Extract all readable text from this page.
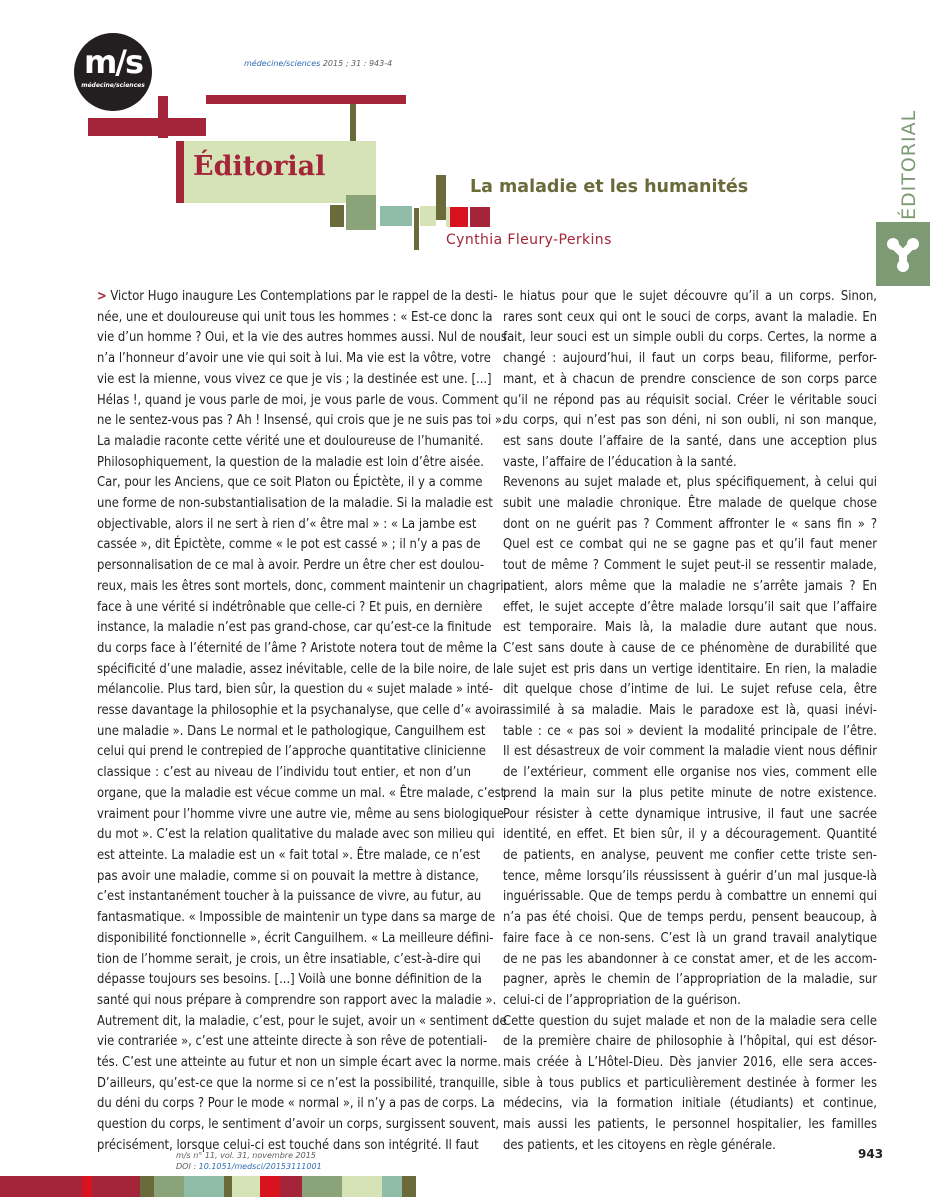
m/s
médecine/sciences
médecine/sciences 2015 ; 31 : 943-4
Éditorial
La maladie et les humanités
Cynthia Fleury-Perkins
ÉDITORIAL
> Victor Hugo inaugure Les Contemplations par le rappel de la desti-
née, une et douloureuse qui unit tous les hommes : « Est-ce donc la
vie d’un homme ? Oui, et la vie des autres hommes aussi. Nul de nous
n’a l’honneur d’avoir une vie qui soit à lui. Ma vie est la vôtre, votre
vie est la mienne, vous vivez ce que je vis ; la destinée est une. [...]
Hélas !, quand je vous parle de moi, je vous parle de vous. Comment
ne le sentez-vous pas ? Ah ! Insensé, qui crois que je ne suis pas toi ».
La maladie raconte cette vérité une et douloureuse de l’humanité.
Philosophiquement, la question de la maladie est loin d’être aisée.
Car, pour les Anciens, que ce soit Platon ou Épictète, il y a comme
une forme de non-substantialisation de la maladie. Si la maladie est
objectivable, alors il ne sert à rien d’« être mal » : « La jambe est
cassée », dit Épictète, comme « le pot est cassé » ; il n’y a pas de
personnalisation de ce mal à avoir. Perdre un être cher est doulou-
reux, mais les êtres sont mortels, donc, comment maintenir un chagrin
face à une vérité si indétrônable que celle-ci ? Et puis, en dernière
instance, la maladie n’est pas grand-chose, car qu’est-ce la finitude
du corps face à l’éternité de l’âme ? Aristote notera tout de même la
spécificité d’une maladie, assez inévitable, celle de la bile noire, de la
mélancolie. Plus tard, bien sûr, la question du « sujet malade » inté-
resse davantage la philosophie et la psychanalyse, que celle d’« avoir
une maladie ». Dans Le normal et le pathologique, Canguilhem est
celui qui prend le contrepied de l’approche quantitative clinicienne
classique : c’est au niveau de l’individu tout entier, et non d’un
organe, que la maladie est vécue comme un mal. « Être malade, c’est
vraiment pour l’homme vivre une autre vie, même au sens biologique
du mot ». C’est la relation qualitative du malade avec son milieu qui
est atteinte. La maladie est un « fait total ». Être malade, ce n’est
pas avoir une maladie, comme si on pouvait la mettre à distance,
c’est instantanément toucher à la puissance de vivre, au futur, au
fantasmatique. « Impossible de maintenir un type dans sa marge de
disponibilité fonctionnelle », écrit Canguilhem. « La meilleure défini-
tion de l’homme serait, je crois, un être insatiable, c’est-à-dire qui
dépasse toujours ses besoins. [...] Voilà une bonne définition de la
santé qui nous prépare à comprendre son rapport avec la maladie ».
Autrement dit, la maladie, c’est, pour le sujet, avoir un « sentiment de
vie contrariée », c’est une atteinte directe à son rêve de potentiali-
tés. C’est une atteinte au futur et non un simple écart avec la norme.
D’ailleurs, qu’est-ce que la norme si ce n’est la possibilité, tranquille,
du déni du corps ? Pour le mode « normal », il n’y a pas de corps. La
question du corps, le sentiment d’avoir un corps, surgissent souvent,
précisément, lorsque celui-ci est touché dans son intégrité. Il faut
le hiatus pour que le sujet découvre qu’il a un corps. Sinon,
rares sont ceux qui ont le souci de corps, avant la maladie. En
fait, leur souci est un simple oubli du corps. Certes, la norme a
changé : aujourd’hui, il faut un corps beau, filiforme, perfor-
mant, et à chacun de prendre conscience de son corps parce
qu’il ne répond pas au réquisit social. Créer le véritable souci
du corps, qui n’est pas son déni, ni son oubli, ni son manque,
est sans doute l’affaire de la santé, dans une acception plus
vaste, l’affaire de l’éducation à la santé.
Revenons au sujet malade et, plus spécifiquement, à celui qui
subit une maladie chronique. Être malade de quelque chose
dont on ne guérit pas ? Comment affronter le « sans fin » ?
Quel est ce combat qui ne se gagne pas et qu’il faut mener
tout de même ? Comment le sujet peut-il se ressentir malade,
patient, alors même que la maladie ne s’arrête jamais ? En
effet, le sujet accepte d’être malade lorsqu’il sait que l’affaire
est temporaire. Mais là, la maladie dure autant que nous.
C’est sans doute à cause de ce phénomène de durabilité que
le sujet est pris dans un vertige identitaire. En rien, la maladie
dit quelque chose d’intime de lui. Le sujet refuse cela, être
assimilé à sa maladie. Mais le paradoxe est là, quasi inévi-
table : ce « pas soi » devient la modalité principale de l’être.
Il est désastreux de voir comment la maladie vient nous définir
de l’extérieur, comment elle organise nos vies, comment elle
prend la main sur la plus petite minute de notre existence.
Pour résister à cette dynamique intrusive, il faut une sacrée
identité, en effet. Et bien sûr, il y a découragement. Quantité
de patients, en analyse, peuvent me confier cette triste sen-
tence, même lorsqu’ils réussissent à guérir d’un mal jusque-là
inguérissable. Que de temps perdu à combattre un ennemi qui
n’a pas été choisi. Que de temps perdu, pensent beaucoup, à
faire face à ce non-sens. C’est là un grand travail analytique
de ne pas les abandonner à ce constat amer, et de les accom-
pagner, après le chemin de l’appropriation de la maladie, sur
celui-ci de l’appropriation de la guérison.
Cette question du sujet malade et non de la maladie sera celle
de la première chaire de philosophie à l’hôpital, qui est désor-
mais créée à L’Hôtel-Dieu. Dès janvier 2016, elle sera acces-
sible à tous publics et particulièrement destinée à former les
médecins, via la formation initiale (étudiants) et continue,
mais aussi les patients, le personnel hospitalier, les familles
des patients, et les citoyens en règle générale.
m/s n° 11, vol. 31, novembre 2015
DOI : 10.1051/medsci/20153111001
943
